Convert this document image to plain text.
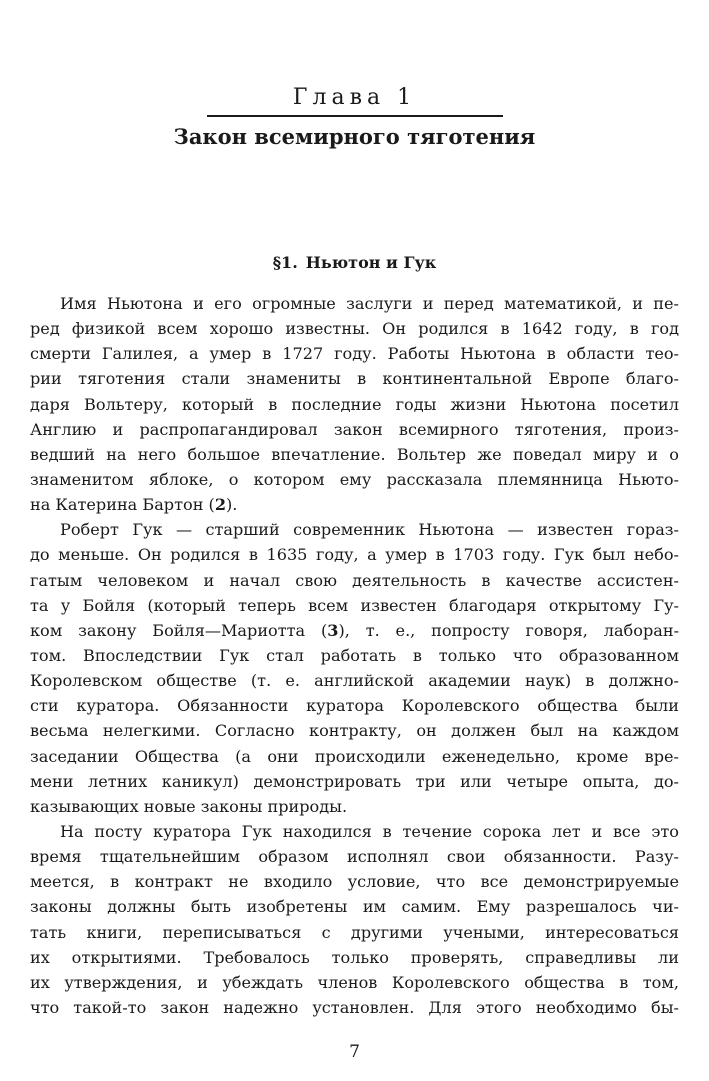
Глава 1
Закон всемирного тяготения
§1. Ньютон и Гук
Имя Ньютона и его огромные заслуги и перед математикой, и пе-
ред физикой всем хорошо известны. Он родился в 1642 году, в год
смерти Галилея, а умер в 1727 году. Работы Ньютона в области тео-
рии тяготения стали знамениты в континентальной Европе благо-
даря Вольтеру, который в последние годы жизни Ньютона посетил
Англию и распропагандировал закон всемирного тяготения, произ-
ведший на него большое впечатление. Вольтер же поведал миру и о
знаменитом яблоке, о котором ему рассказала племянница Ньюто-
на Катерина Бартон (2).
Роберт Гук — старший современник Ньютона — известен гораз-
до меньше. Он родился в 1635 году, а умер в 1703 году. Гук был небо-
гатым человеком и начал свою деятельность в качестве ассистен-
та у Бойля (который теперь всем известен благодаря открытому Гу-
ком закону Бойля—Мариотта (3), т. е., попросту говоря, лаборан-
том. Впоследствии Гук стал работать в только что образованном
Королевском обществе (т. е. английской академии наук) в должно-
сти куратора. Обязанности куратора Королевского общества были
весьма нелегкими. Согласно контракту, он должен был на каждом
заседании Общества (а они происходили еженедельно, кроме вре-
мени летних каникул) демонстрировать три или четыре опыта, до-
казывающих новые законы природы.
На посту куратора Гук находился в течение сорока лет и все это
время тщательнейшим образом исполнял свои обязанности. Разу-
меется, в контракт не входило условие, что все демонстрируемые
законы должны быть изобретены им самим. Ему разрешалось чи-
тать книги, переписываться с другими учеными, интересоваться
их открытиями. Требовалось только проверять, справедливы ли
их утверждения, и убеждать членов Королевского общества в том,
что такой-то закон надежно установлен. Для этого необходимо бы-
7
